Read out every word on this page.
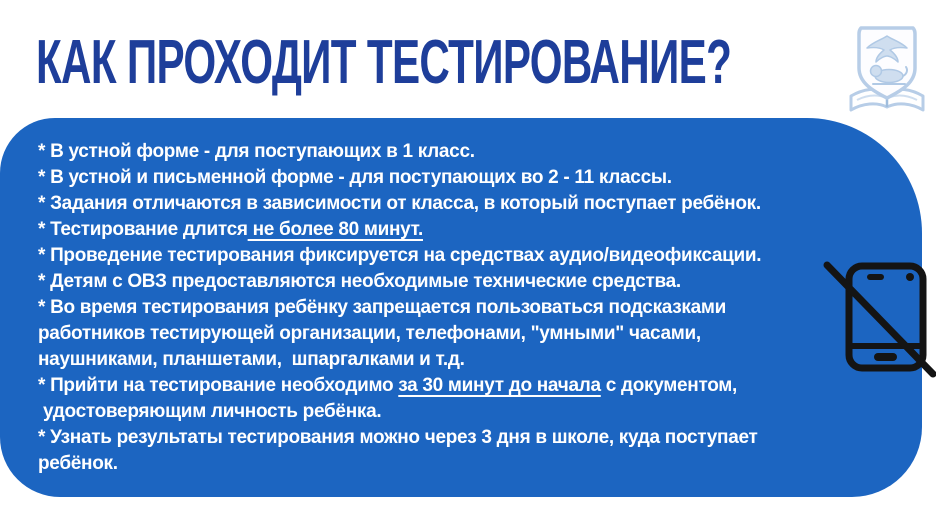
КАК ПРОХОДИТ ТЕСТИРОВАНИЕ?
* В устной форме - для поступающих в 1 класс.
* В устной и письменной форме - для поступающих во 2 - 11 классы.
* Задания отличаются в зависимости от класса, в который поступает ребёнок.
* Тестирование длится не более 80 минут.
* Проведение тестирования фиксируется на средствах аудио/видеофиксации.
* Детям с ОВЗ предоставляются необходимые технические средства.
* Во время тестирования ребёнку запрещается пользоваться подсказками
работников тестирующей организации, телефонами, "умными" часами,
наушниками, планшетами,  шпаргалками и т.д.
* Прийти на тестирование необходимо за 30 минут до начала с документом,
удостоверяющим личность ребёнка.
* Узнать результаты тестирования можно через 3 дня в школе, куда поступает
ребёнок.
